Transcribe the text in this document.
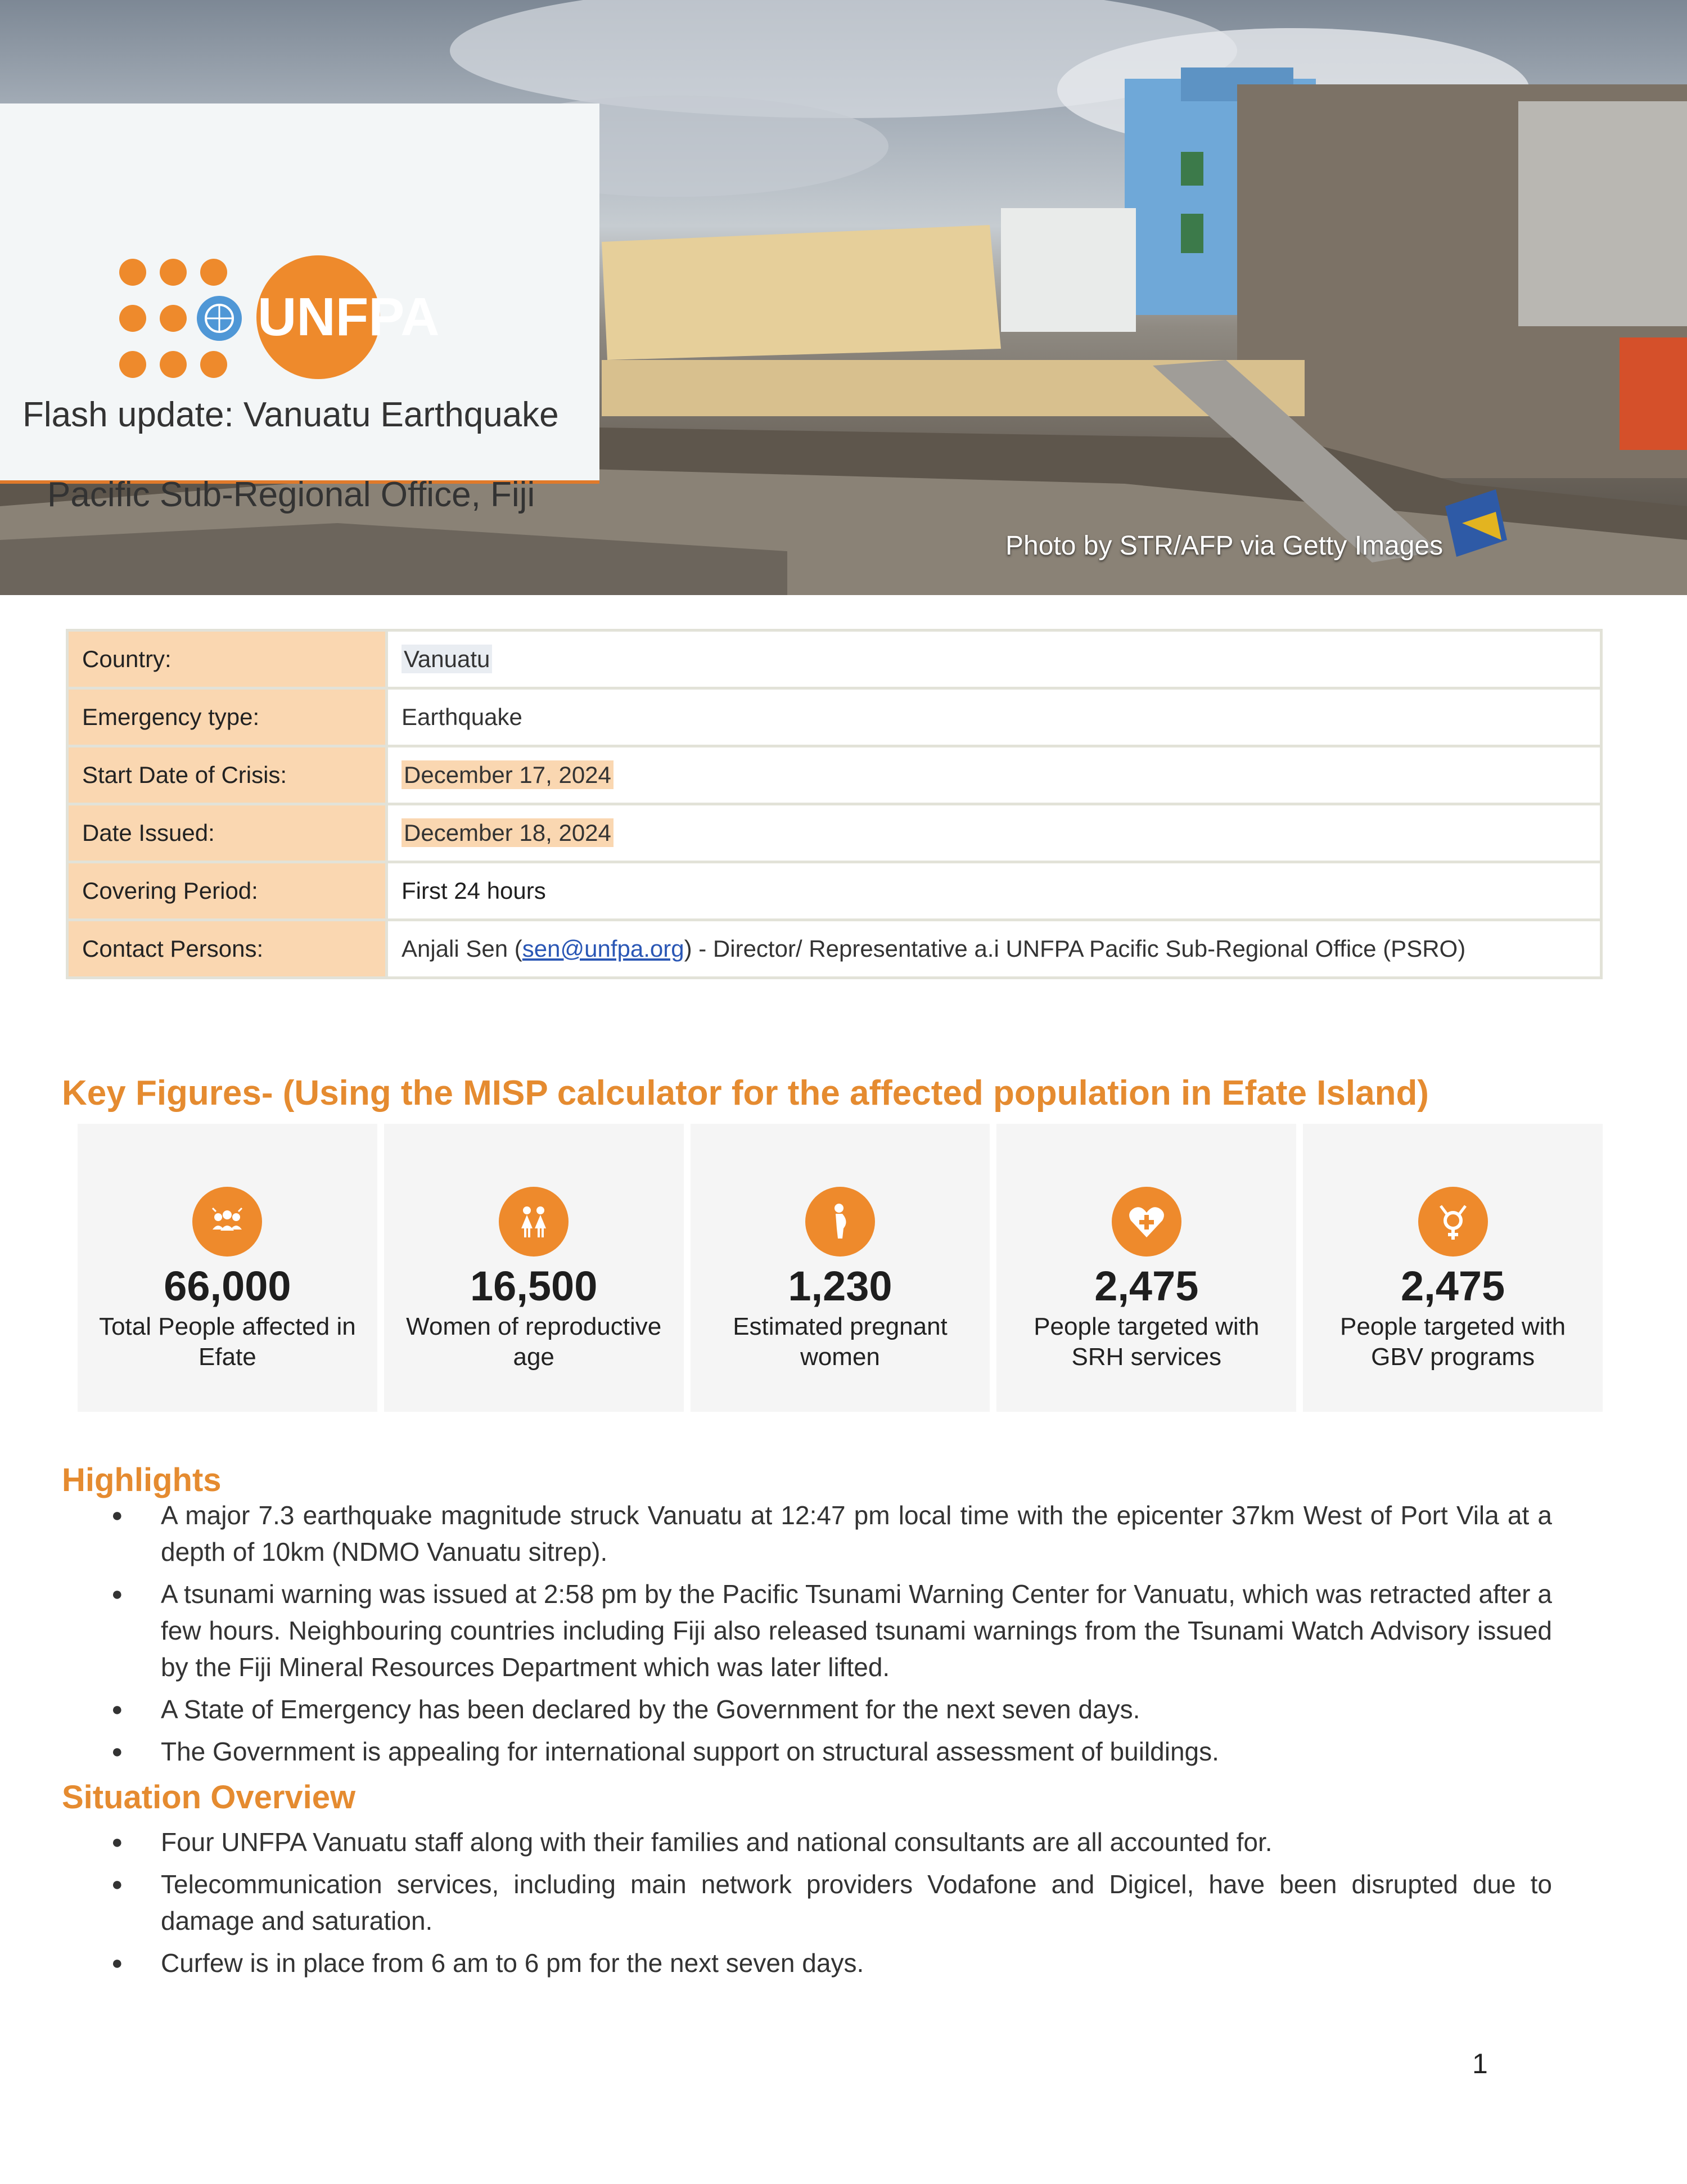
UNFPA
Flash update: Vanuatu Earthquake
Pacific Sub-Regional Office, Fiji
Photo by STR/AFP via Getty Images
Country:	Vanuatu
Emergency type:	Earthquake
Start Date of Crisis:	December 17, 2024
Date Issued:	December 18, 2024
Covering Period:	First 24 hours
Contact Persons:	Anjali Sen (sen@unfpa.org) - Director/ Representative a.i UNFPA Pacific Sub-Regional Office (PSRO)
Key Figures- (Using the MISP calculator for the affected population in Efate Island)
66,000
Total People affected in Efate
16,500
Women of reproductive age
1,230
Estimated pregnant women
2,475
People targeted with SRH services
2,475
People targeted with GBV programs
Highlights
● A major 7.3 earthquake magnitude struck Vanuatu at 12:47 pm local time with the epicenter 37km West of Port Vila at a depth of 10km (NDMO Vanuatu sitrep).
● A tsunami warning was issued at 2:58 pm by the Pacific Tsunami Warning Center for Vanuatu, which was retracted after a few hours. Neighbouring countries including Fiji also released tsunami warnings from the Tsunami Watch Advisory issued by the Fiji Mineral Resources Department which was later lifted.
● A State of Emergency has been declared by the Government for the next seven days.
● The Government is appealing for international support on structural assessment of buildings.
Situation Overview
● Four UNFPA Vanuatu staff along with their families and national consultants are all accounted for.
● Telecommunication services, including main network providers Vodafone and Digicel, have been disrupted due to damage and saturation.
● Curfew is in place from 6 am to 6 pm for the next seven days.
1
